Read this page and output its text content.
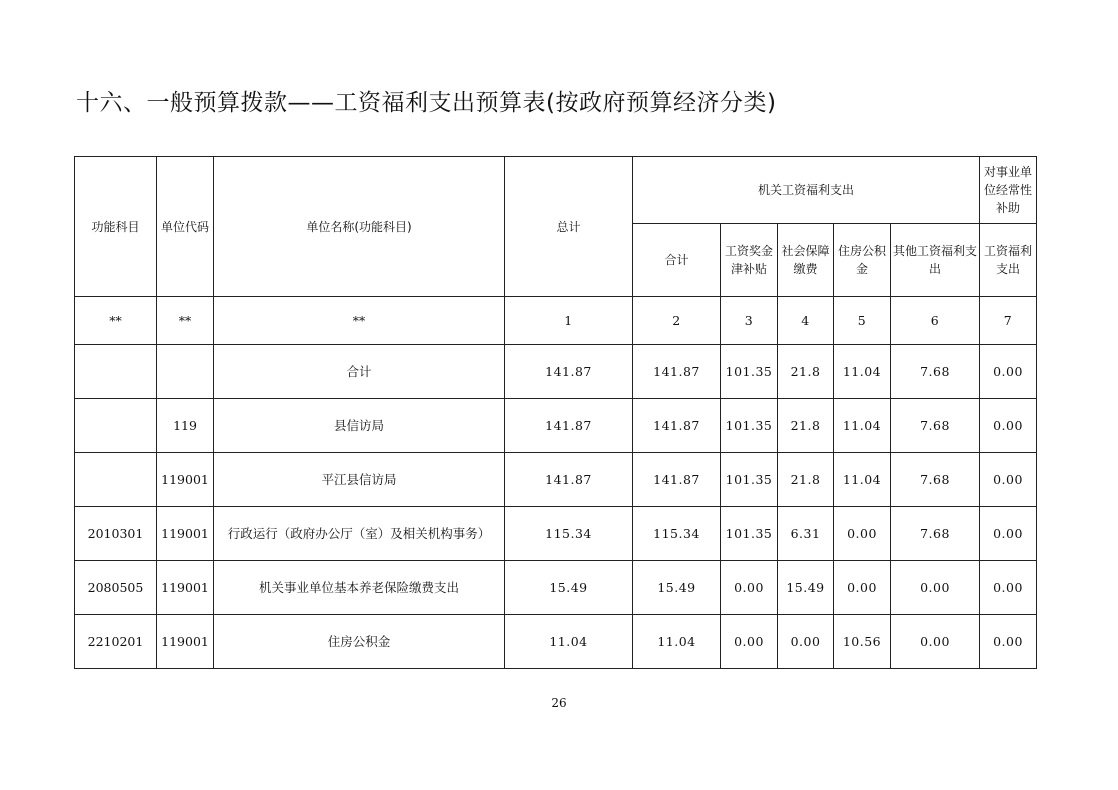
十六、一般预算拨款——工资福利支出预算表(按政府预算经济分类)
功能科目	单位代码	单位名称(功能科目)	总计	机关工资福利支出					对事业单位经常性补助
				合计	工资奖金津补贴	社会保障缴费	住房公积金	其他工资福利支出	工资福利支出
**	**	**	1	2	3	4	5	6	7
		合计	141.87	141.87	101.35	21.8	11.04	7.68	0.00
	119	县信访局	141.87	141.87	101.35	21.8	11.04	7.68	0.00
	119001	平江县信访局	141.87	141.87	101.35	21.8	11.04	7.68	0.00
2010301	119001	行政运行（政府办公厅（室）及相关机构事务）	115.34	115.34	101.35	6.31	0.00	7.68	0.00
2080505	119001	机关事业单位基本养老保险缴费支出	15.49	15.49	0.00	15.49	0.00	0.00	0.00
2210201	119001	住房公积金	11.04	11.04	0.00	0.00	10.56	0.00	0.00
26
